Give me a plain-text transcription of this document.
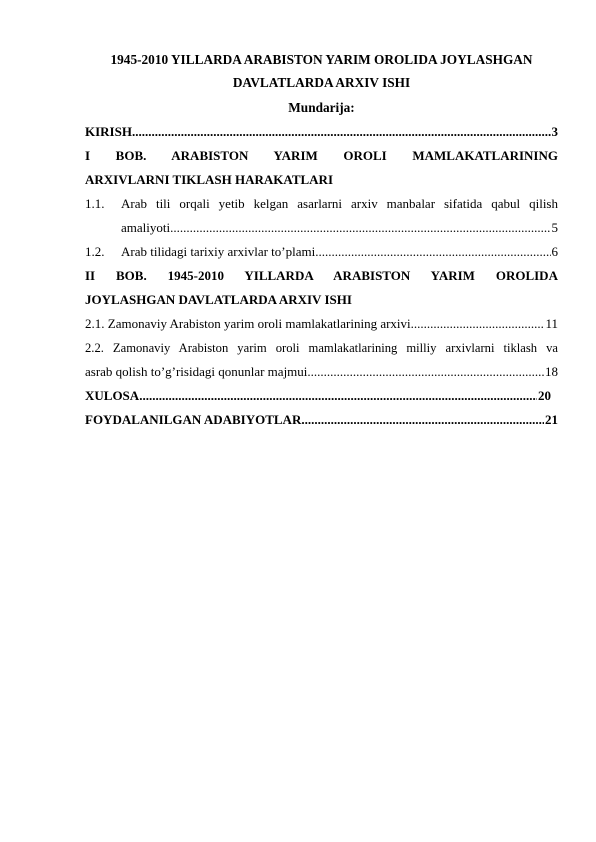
1945-2010 YILLARDA ARABISTON YARIM OROLIDA JOYLASHGAN

DAVLATLARDA ARXIV ISHI

Mundarija:

KIRISH .....	3
I BOB. ARABISTON YARIM OROLI MAMLAKATLARINING
ARXIVLARNI TIKLASH HARAKATLARI
1.1. Arab tili orqali yetib kelgan asarlarni arxiv manbalar sifatida qabul qilish
amaliyoti .....	5
1.2.	Arab tilidagi tarixiy arxivlar to’plami .....	6
II BOB. 1945-2010 YILLARDA ARABISTON YARIM OROLIDA
JOYLASHGAN DAVLATLARDA ARXIV ISHI
2.1. Zamonaviy Arabiston yarim oroli mamlakatlarining arxivi .....	11
2.2. Zamonaviy Arabiston yarim oroli mamlakatlarining milliy arxivlarni tiklash va
asrab qolish to’g’risidagi qonunlar majmui .....	18
XULOSA .....	20
FOYDALANILGAN ADABIYOTLAR .....	21
